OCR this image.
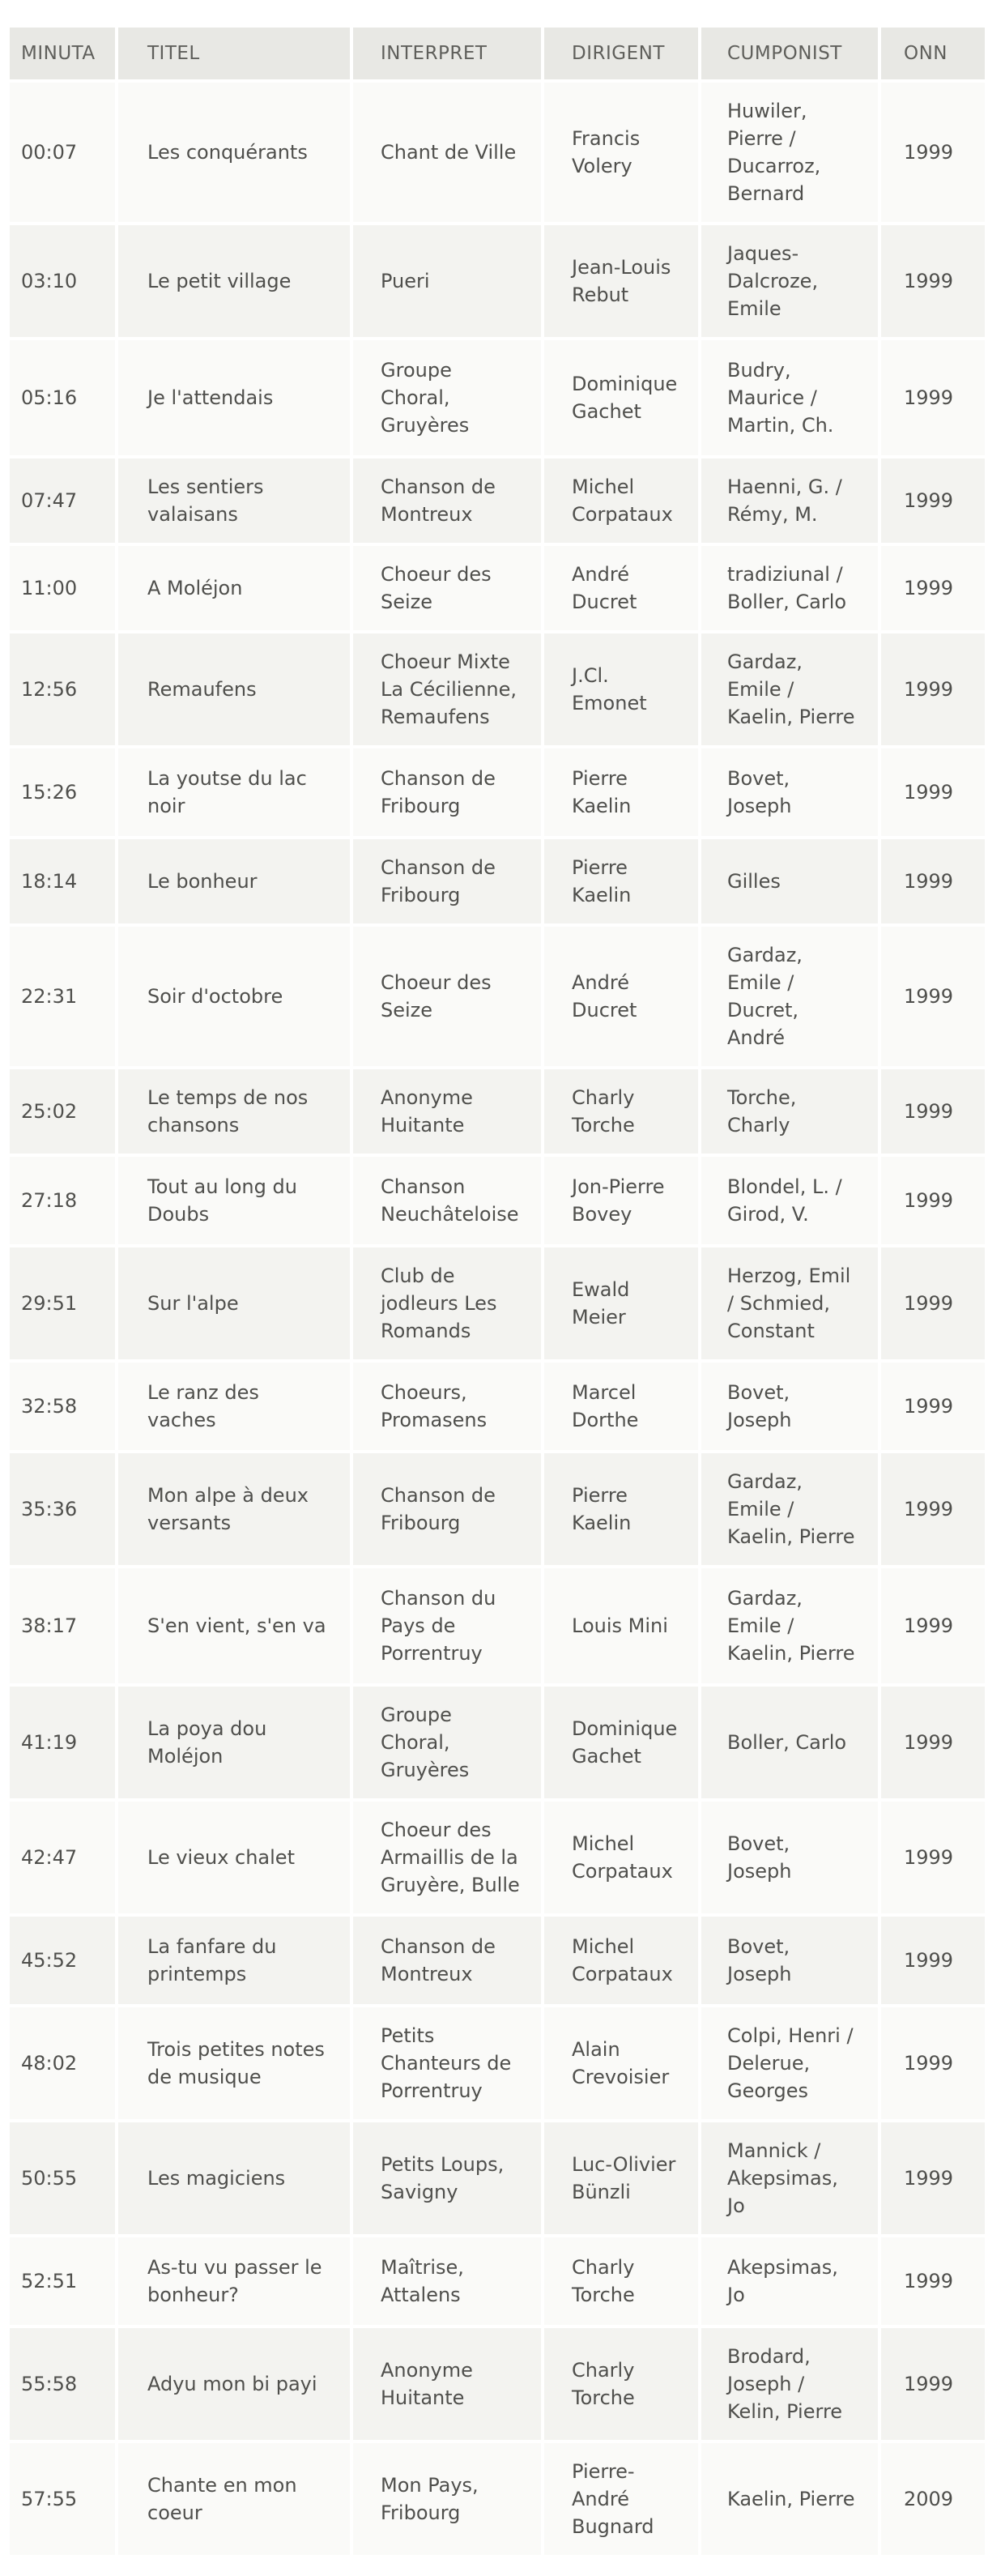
MINUTA	TITEL	INTERPRET	DIRIGENT	CUMPONIST	ONN
00:07	Les conquérants	Chant de Ville	Francis Volery	Huwiler, Pierre / Ducarroz, Bernard	1999
03:10	Le petit village	Pueri	Jean-Louis Rebut	Jaques-Dalcroze, Emile	1999
05:16	Je l'attendais	Groupe Choral, Gruyères	Dominique Gachet	Budry, Maurice / Martin, Ch.	1999
07:47	Les sentiers valaisans	Chanson de Montreux	Michel Corpataux	Haenni, G. / Rémy, M.	1999
11:00	A Moléjon	Choeur des Seize	André Ducret	tradiziunal / Boller, Carlo	1999
12:56	Remaufens	Choeur Mixte La Cécilienne, Remaufens	J.Cl. Emonet	Gardaz, Emile / Kaelin, Pierre	1999
15:26	La youtse du lac noir	Chanson de Fribourg	Pierre Kaelin	Bovet, Joseph	1999
18:14	Le bonheur	Chanson de Fribourg	Pierre Kaelin	Gilles	1999
22:31	Soir d'octobre	Choeur des Seize	André Ducret	Gardaz, Emile / Ducret, André	1999
25:02	Le temps de nos chansons	Anonyme Huitante	Charly Torche	Torche, Charly	1999
27:18	Tout au long du Doubs	Chanson Neuchâteloise	Jon-Pierre Bovey	Blondel, L. / Girod, V.	1999
29:51	Sur l'alpe	Club de jodleurs Les Romands	Ewald Meier	Herzog, Emil / Schmied, Constant	1999
32:58	Le ranz des vaches	Choeurs, Promasens	Marcel Dorthe	Bovet, Joseph	1999
35:36	Mon alpe à deux versants	Chanson de Fribourg	Pierre Kaelin	Gardaz, Emile / Kaelin, Pierre	1999
38:17	S'en vient, s'en va	Chanson du Pays de Porrentruy	Louis Mini	Gardaz, Emile / Kaelin, Pierre	1999
41:19	La poya dou Moléjon	Groupe Choral, Gruyères	Dominique Gachet	Boller, Carlo	1999
42:47	Le vieux chalet	Choeur des Armaillis de la Gruyère, Bulle	Michel Corpataux	Bovet, Joseph	1999
45:52	La fanfare du printemps	Chanson de Montreux	Michel Corpataux	Bovet, Joseph	1999
48:02	Trois petites notes de musique	Petits Chanteurs de Porrentruy	Alain Crevoisier	Colpi, Henri / Delerue, Georges	1999
50:55	Les magiciens	Petits Loups, Savigny	Luc-Olivier Bünzli	Mannick / Akepsimas, Jo	1999
52:51	As-tu vu passer le bonheur?	Maîtrise, Attalens	Charly Torche	Akepsimas, Jo	1999
55:58	Adyu mon bi payi	Anonyme Huitante	Charly Torche	Brodard, Joseph / Kelin, Pierre	1999
57:55	Chante en mon coeur	Mon Pays, Fribourg	Pierre-André Bugnard	Kaelin, Pierre	2009
